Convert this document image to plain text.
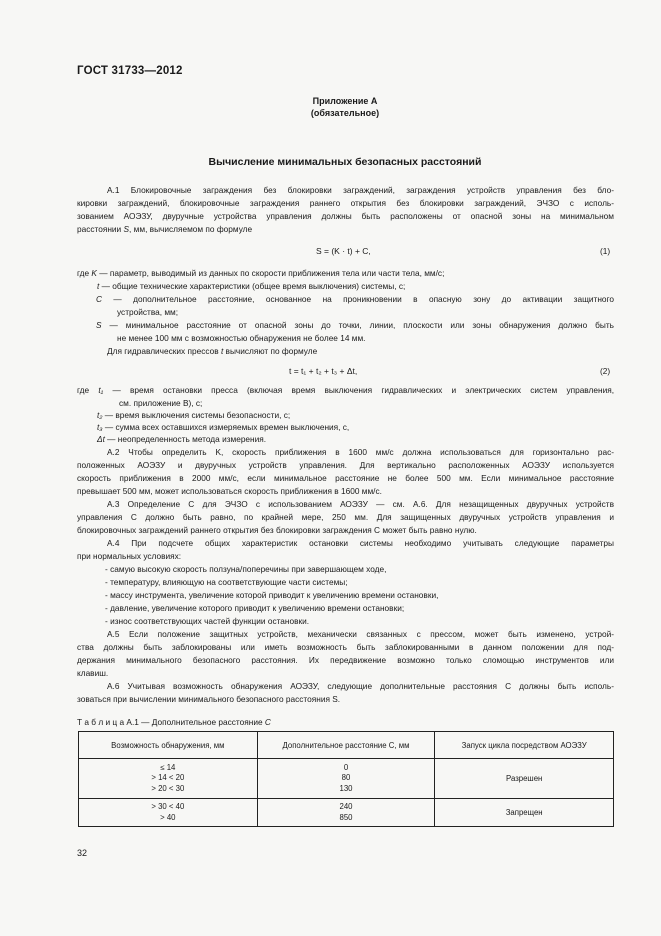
ГОСТ 31733—2012
Приложение А
(обязательное)
Вычисление минимальных безопасных расстояний
А.1 Блокировочные заграждения без блокировки заграждений, заграждения устройств управления без бло-
кировки заграждений, блокировочные заграждения раннего открытия без блокировки заграждений, ЭЧЗО с исполь-
зованием АОЭЗУ, двуручные устройства управления должны быть расположены от опасной зоны на минимальном
расстоянии S, мм, вычисляемом по формуле
S = (K · t) + C,	(1)
где K — параметр, выводимый из данных по скорости приближения тела или части тела, мм/с;
t — общие технические характеристики (общее время выключения) системы, с;
C — дополнительное расстояние, основанное на проникновении в опасную зону до активации защитного
устройства, мм;
S — минимальное расстояние от опасной зоны до точки, линии, плоскости или зоны обнаружения должно быть
не менее 100 мм с возможностью обнаружения не более 14 мм.
Для гидравлических прессов t вычисляют по формуле
t = t₁ + t₂ + t₃ + Δt,	(2)
где t₁ — время остановки пресса (включая время выключения гидравлических и электрических систем управления,
см. приложение В), с;
t₂ — время выключения системы безопасности, с;
t₃ — сумма всех оставшихся измеряемых времен выключения, с,
Δt — неопределенность метода измерения.
А.2 Чтобы определить K, скорость приближения в 1600 мм/с должна использоваться для горизонтально рас-
положенных АОЭЗУ и двуручных устройств управления. Для вертикально расположенных АОЭЗУ используется
скорость приближения в 2000 мм/с, если минимальное расстояние не более 500 мм. Если минимальное расстояние
превышает 500 мм, может использоваться скорость приближения в 1600 мм/с.
А.3 Определение C для ЭЧЗО с использованием АОЭЗУ — см. А.6. Для незащищенных двуручных устройств
управления C должно быть равно, по крайней мере, 250 мм. Для защищенных двуручных устройств управления и
блокировочных заграждений раннего открытия без блокировки заграждения C может быть равно нулю.
А.4 При подсчете общих характеристик остановки системы необходимо учитывать следующие параметры
при нормальных условиях:
- самую высокую скорость ползуна/поперечины при завершающем ходе,
- температуру, влияющую на соответствующие части системы;
- массу инструмента, увеличение которой приводит к увеличению времени остановки,
- давление, увеличение которого приводит к увеличению времени остановки;
- износ соответствующих частей функции остановки.
А.5 Если положение защитных устройств, механически связанных с прессом, может быть изменено, устрой-
ства должны быть заблокированы или иметь возможность быть заблокированными в данном положении для под-
держания минимального безопасного расстояния. Их передвижение возможно только сломощью инструментов или
клавиш.
А.6 Учитывая возможность обнаружения АОЭЗУ, следующие дополнительные расстояния C должны быть исполь-
зоваться при вычислении минимального безопасного расстояния S.
Т а б л и ц а А.1 — Дополнительное расстояние C
Возможность обнаружения, мм	Дополнительное расстояние C, мм	Запуск цикла посредством АОЭЗУ

≤ 14
> 14 < 20
> 20 < 30	0
80
130	Разрешен

> 30 < 40
> 40	240
850	Запрещен
32
